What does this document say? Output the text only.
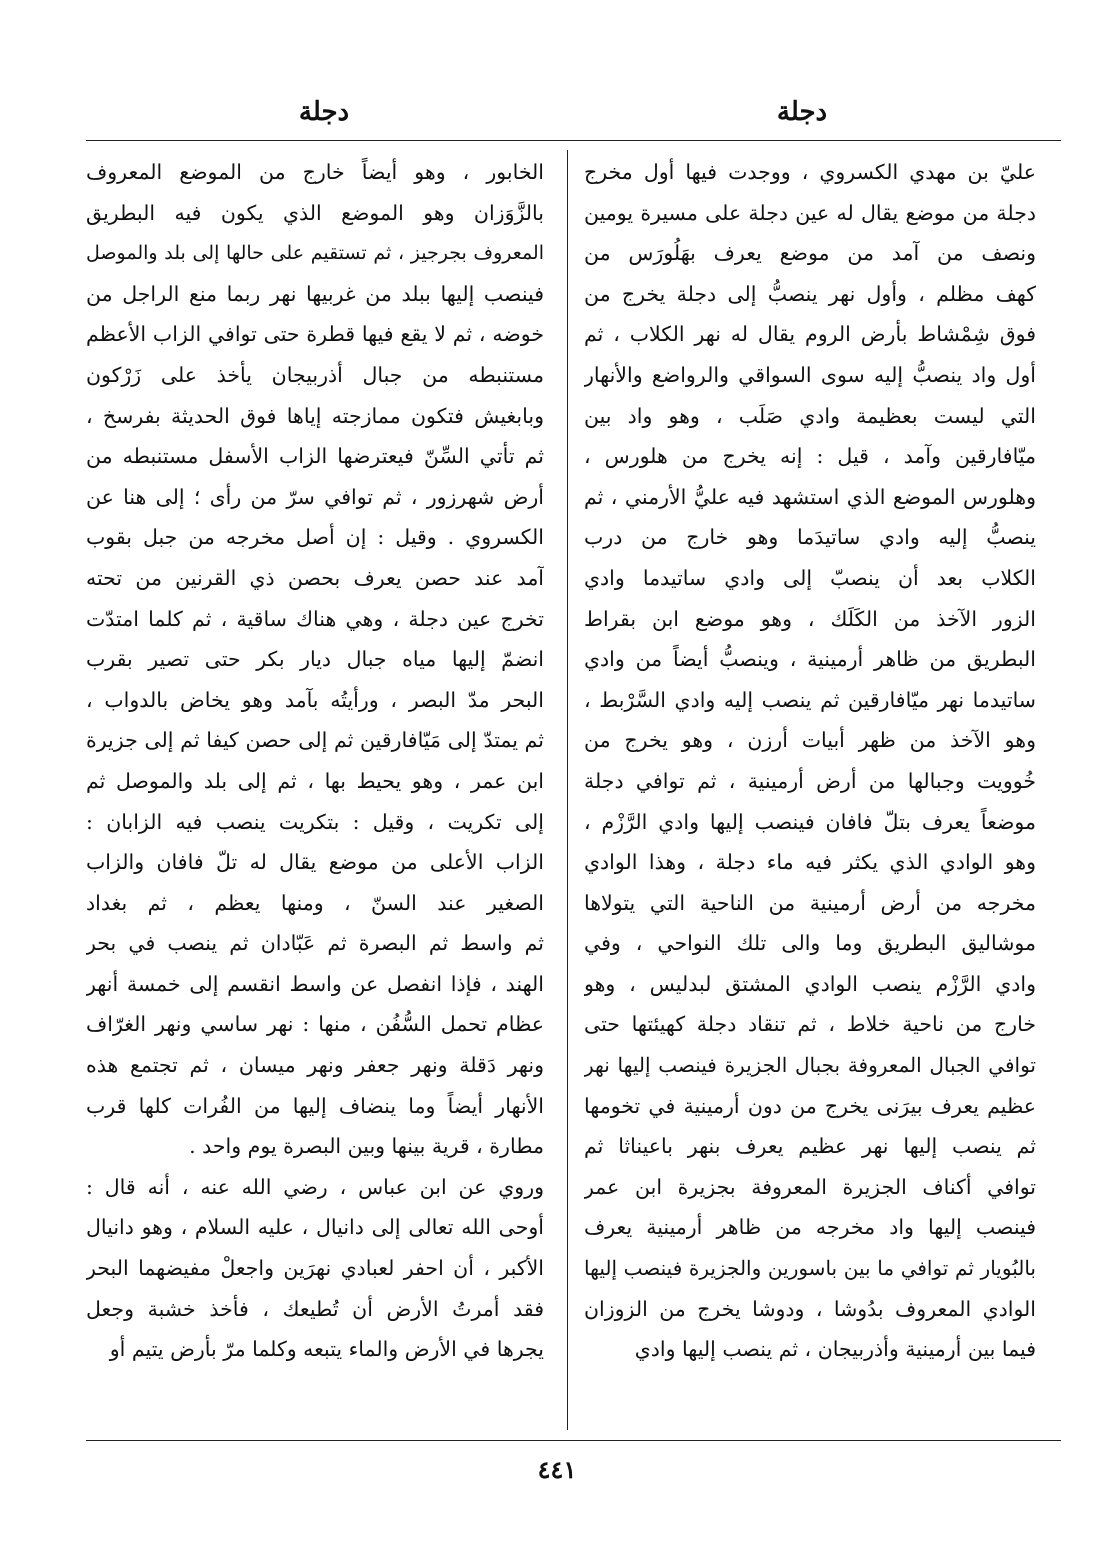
دجلة
دجلة
عليّ بن مهدي الكسروي ، ووجدت فيها أول مخرج
دجلة من موضع يقال له عين دجلة على مسيرة يومين
ونصف من آمد من موضع يعرف بهَلُورَس من
كهف مظلم ، وأول نهر ينصبُّ إلى دجلة يخرج من
فوق شِمْشاط بأرض الروم يقال له نهر الكلاب ، ثم
أول واد ينصبُّ إليه سوى السواقي والرواضع والأنهار
التي ليست بعظيمة وادي صَلَب ، وهو واد بين
ميّافارقين وآمد ، قيل : إنه يخرج من هلورس ،
وهلورس الموضع الذي استشهد فيه عليُّ الأرمني ، ثم
ينصبُّ إليه وادي ساتيدَما وهو خارج من درب
الكلاب بعد أن ينصبّ إلى وادي ساتيدما وادي
الزور الآخذ من الكَلَك ، وهو موضع ابن بقراط
البطريق من ظاهر أرمينية ، وينصبُّ أيضاً من وادي
ساتيدما نهر ميّافارقين ثم ينصب إليه وادي السَّرْبط ،
وهو الآخذ من ظهر أبيات أرزن ، وهو يخرج من
خُوويت وجبالها من أرض أرمينية ، ثم توافي دجلة
موضعاً يعرف بتلّ فافان فينصب إليها وادي الرَّزْم ،
وهو الوادي الذي يكثر فيه ماء دجلة ، وهذا الوادي
مخرجه من أرض أرمينية من الناحية التي يتولاها
موشاليق البطريق وما والى تلك النواحي ، وفي
وادي الرَّزْم ينصب الوادي المشتق لبدليس ، وهو
خارج من ناحية خلاط ، ثم تنقاد دجلة كهيئتها حتى
توافي الجبال المعروفة بجبال الجزيرة فينصب إليها نهر
عظيم يعرف بيرَنى يخرج من دون أرمينية في تخومها
ثم ينصب إليها نهر عظيم يعرف بنهر باعيناثا ثم
توافي أكناف الجزيرة المعروفة بجزيرة ابن عمر
فينصب إليها واد مخرجه من ظاهر أرمينية يعرف
بالبُويار ثم توافي ما بين باسورين والجزيرة فينصب إليها
الوادي المعروف بدُوشا ، ودوشا يخرج من الزوزان
فيما بين أرمينية وأذربيجان ، ثم ينصب إليها وادي
الخابور ، وهو أيضاً خارج من الموضع المعروف
بالزَّوَزان وهو الموضع الذي يكون فيه البطريق
المعروف بجرجيز ، ثم تستقيم على حالها إلى بلد والموصل
فينصب إليها ببلد من غربيها نهر ربما منع الراجل من
خوضه ، ثم لا يقع فيها قطرة حتى توافي الزاب الأعظم
مستنبطه من جبال أذربيجان يأخذ على زَرْكون
وبابغيش فتكون ممازجته إياها فوق الحديثة بفرسخ ،
ثم تأتي السِّنّ فيعترضها الزاب الأسفل مستنبطه من
أرض شهرزور ، ثم توافي سرّ من رأى ؛ إلى هنا عن
الكسروي . وقيل : إن أصل مخرجه من جبل بقوب
آمد عند حصن يعرف بحصن ذي القرنين من تحته
تخرج عين دجلة ، وهي هناك ساقية ، ثم كلما امتدّت
انضمّ إليها مياه جبال ديار بكر حتى تصير بقرب
البحر مدّ البصر ، ورأيتُه بآمد وهو يخاض بالدواب ،
ثم يمتدّ إلى مَيّافارقين ثم إلى حصن كيفا ثم إلى جزيرة
ابن عمر ، وهو يحيط بها ، ثم إلى بلد والموصل ثم
إلى تكريت ، وقيل : بتكريت ينصب فيه الزابان :
الزاب الأعلى من موضع يقال له تلّ فافان والزاب
الصغير عند السنّ ، ومنها يعظم ، ثم بغداد
ثم واسط ثم البصرة ثم عَبّادان ثم ينصب في بحر
الهند ، فإذا انفصل عن واسط انقسم إلى خمسة أنهر
عظام تحمل السُّفُن ، منها : نهر ساسي ونهر الغرّاف
ونهر دَقلة ونهر جعفر ونهر ميسان ، ثم تجتمع هذه
الأنهار أيضاً وما ينضاف إليها من الفُرات كلها قرب
مطارة ، قرية بينها وبين البصرة يوم واحد .
وروي عن ابن عباس ، رضي الله عنه ، أنه قال :
أوحى الله تعالى إلى دانيال ، عليه السلام ، وهو دانيال
الأكبر ، أن احفر لعبادي نهرَين واجعلْ مفيضهما البحر
فقد أمرتُ الأرض أن تُطيعك ، فأخذ خشبة وجعل
يجرها في الأرض والماء يتبعه وكلما مرّ بأرض يتيم أو
٤٤١
